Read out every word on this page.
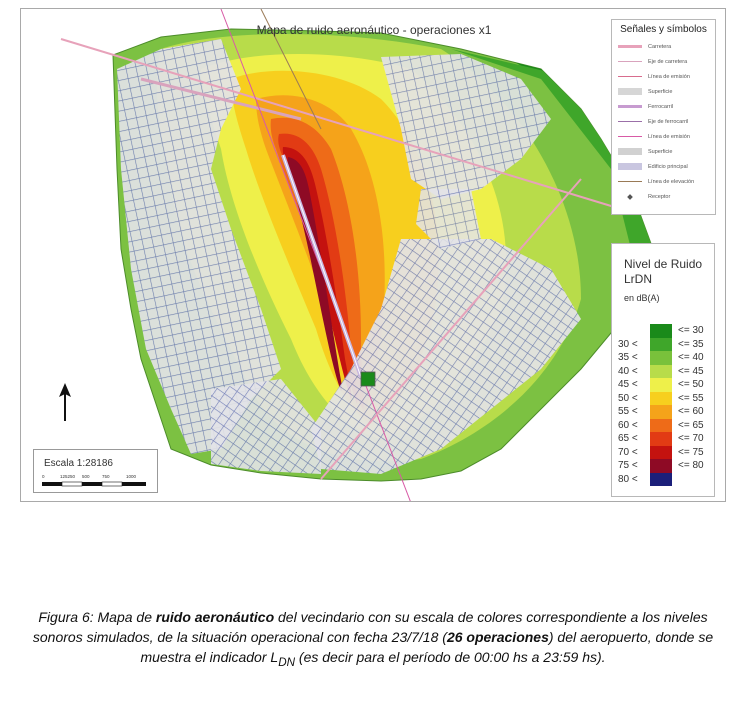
Mapa de ruido aeronáutico - operaciones x1	Señales y símbolos
Carretera
Eje de carretera
Línea de emisión
Superficie
Ferrocarril
Eje de ferrocarril
Línea de emisión
Superficie
Edificio principal
Línea de elevación
Receptor
Nivel de Ruido
LrDN
en dB(A)
<= 30
30 <	<= 35
35 <	<= 40
40 <	<= 45
45 <	<= 50
50 <	<= 55
55 <	<= 60
60 <	<= 65
65 <	<= 70
70 <	<= 75
75 <	<= 80
80 <
Escala 1:28186
0	125250 500	750	1000
Figura 6: Mapa de ruido aeronáutico del vecindario con su escala de colores correspondiente a los niveles sonoros simulados, de la situación operacional con fecha 23/7/18 (26 operaciones) del aeropuerto, donde se muestra el indicador $L_{DN}$ (es decir para el período de 00:00 hs a 23:59 hs).
